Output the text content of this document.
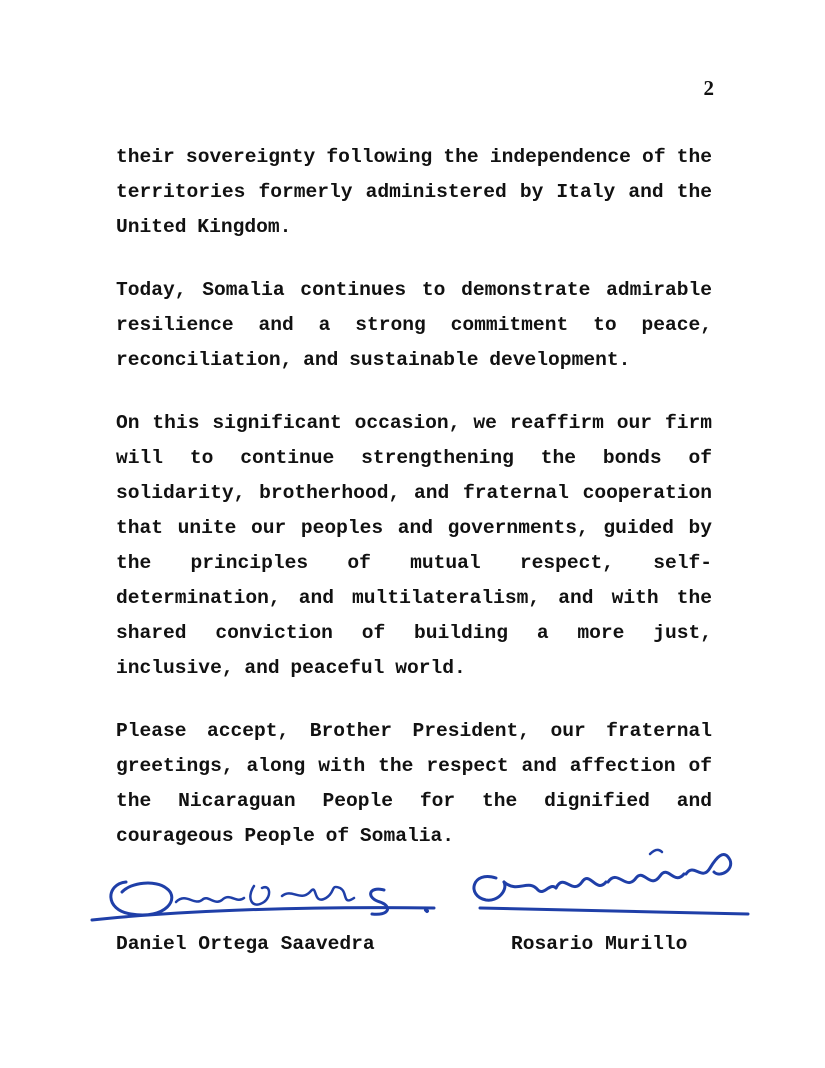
2

their sovereignty following the independence of the territories formerly administered by Italy and the United Kingdom.

Today, Somalia continues to demonstrate admirable resilience and a strong commitment to peace, reconciliation, and sustainable development.

On this significant occasion, we reaffirm our firm will to continue strengthening the bonds of solidarity, brotherhood, and fraternal cooperation that unite our peoples and governments, guided by the principles of mutual respect, self-determination, and multilateralism, and with the shared conviction of building a more just, inclusive, and peaceful world.

Please accept, Brother President, our fraternal greetings, along with the respect and affection of the Nicaraguan People for the dignified and courageous People of Somalia.

Daniel Ortega Saavedra	Rosario Murillo
